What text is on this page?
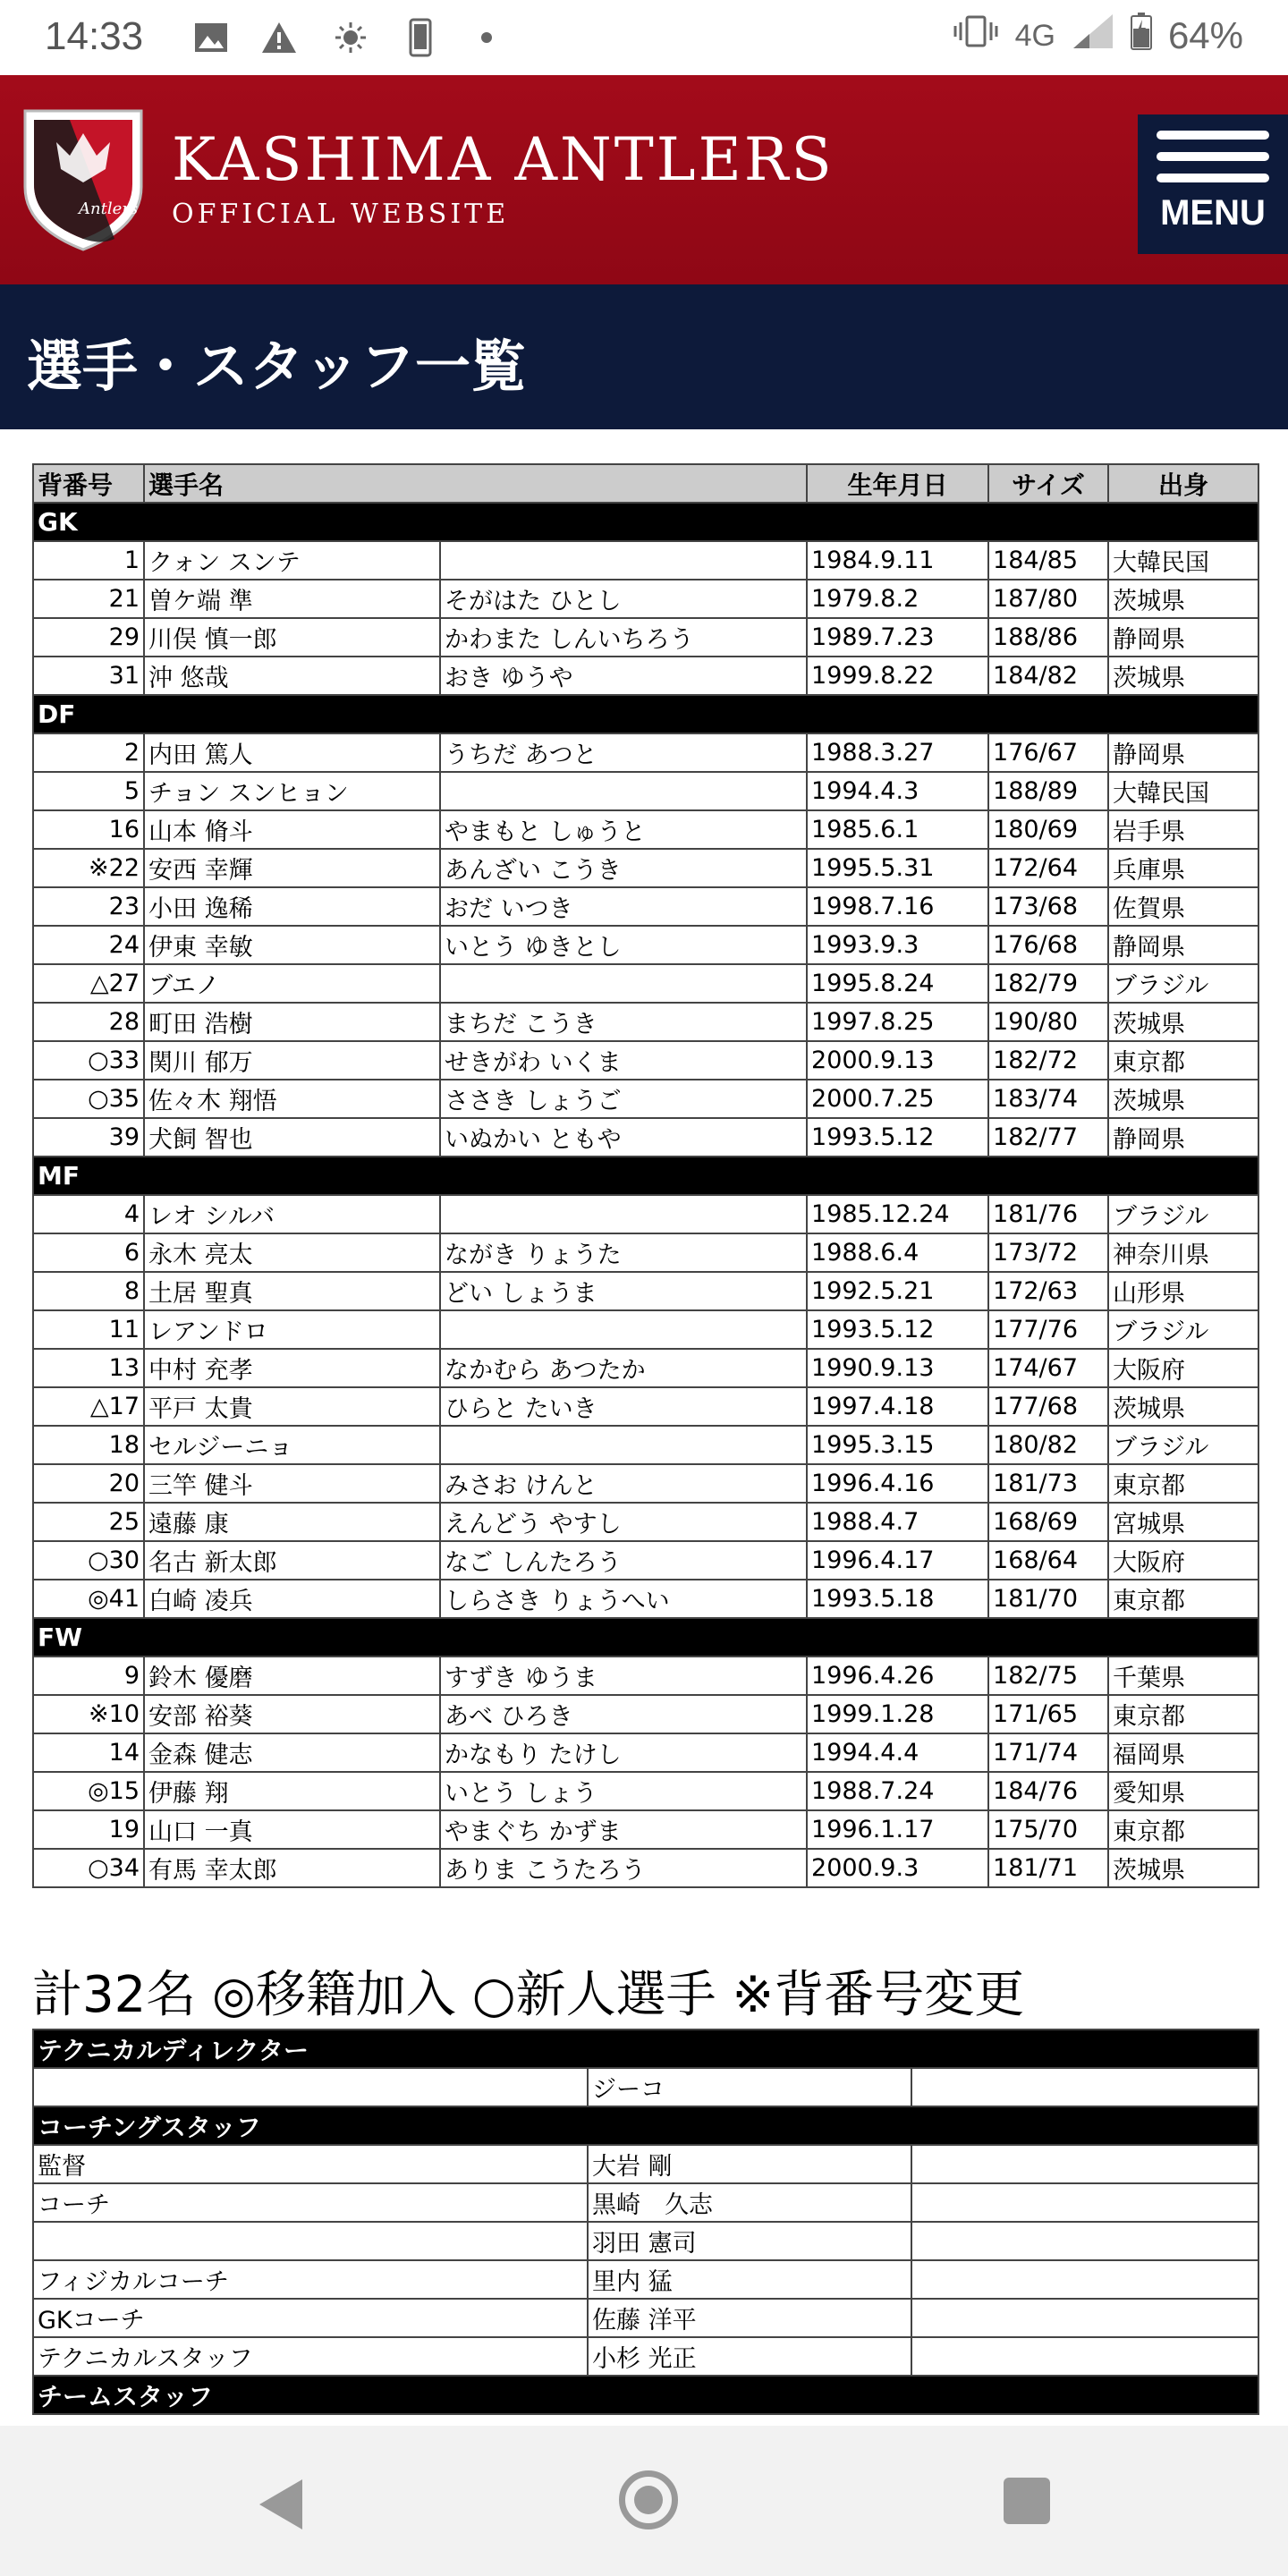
14:33	4G	64%
Antlers
KASHIMA ANTLERS
OFFICIAL WEBSITE	MENU
選手・スタッフ一覧
背番号	選手名		生年月日	サイズ	出身
GK					
1	クォン スンテ		1984.9.11	184/85	大韓民国
21	曽ケ端 準	そがはた ひとし	1979.8.2	187/80	茨城県
29	川俣 慎一郎	かわまた しんいちろう	1989.7.23	188/86	静岡県
31	沖 悠哉	おき ゆうや	1999.8.22	184/82	茨城県
DF					
2	内田 篤人	うちだ あつと	1988.3.27	176/67	静岡県
5	チョン スンヒョン		1994.4.3	188/89	大韓民国
16	山本 脩斗	やまもと しゅうと	1985.6.1	180/69	岩手県
※22	安西 幸輝	あんざい こうき	1995.5.31	172/64	兵庫県
23	小田 逸稀	おだ いつき	1998.7.16	173/68	佐賀県
24	伊東 幸敏	いとう ゆきとし	1993.9.3	176/68	静岡県
△27	ブエノ		1995.8.24	182/79	ブラジル
28	町田 浩樹	まちだ こうき	1997.8.25	190/80	茨城県
○33	関川 郁万	せきがわ いくま	2000.9.13	182/72	東京都
○35	佐々木 翔悟	ささき しょうご	2000.7.25	183/74	茨城県
39	犬飼 智也	いぬかい ともや	1993.5.12	182/77	静岡県
MF					
4	レオ シルバ		1985.12.24	181/76	ブラジル
6	永木 亮太	ながき りょうた	1988.6.4	173/72	神奈川県
8	土居 聖真	どい しょうま	1992.5.21	172/63	山形県
11	レアンドロ		1993.5.12	177/76	ブラジル
13	中村 充孝	なかむら あつたか	1990.9.13	174/67	大阪府
△17	平戸 太貴	ひらと たいき	1997.4.18	177/68	茨城県
18	セルジーニョ		1995.3.15	180/82	ブラジル
20	三竿 健斗	みさお けんと	1996.4.16	181/73	東京都
25	遠藤 康	えんどう やすし	1988.4.7	168/69	宮城県
○30	名古 新太郎	なご しんたろう	1996.4.17	168/64	大阪府
◎41	白崎 凌兵	しらさき りょうへい	1993.5.18	181/70	東京都
FW					
9	鈴木 優磨	すずき ゆうま	1996.4.26	182/75	千葉県
※10	安部 裕葵	あべ ひろき	1999.1.28	171/65	東京都
14	金森 健志	かなもり たけし	1994.4.4	171/74	福岡県
◎15	伊藤 翔	いとう しょう	1988.7.24	184/76	愛知県
19	山口 一真	やまぐち かずま	1996.1.17	175/70	東京都
○34	有馬 幸太郎	ありま こうたろう	2000.9.3	181/71	茨城県
計32名 ◎移籍加入 ○新人選手 ※背番号変更
テクニカルディレクター		
	ジーコ	
コーチングスタッフ		
監督	大岩 剛	
コーチ	黒崎　久志	
	羽田 憲司	
フィジカルコーチ	里内 猛	
GKコーチ	佐藤 洋平	
テクニカルスタッフ	小杉 光正	
チームスタッフ		
